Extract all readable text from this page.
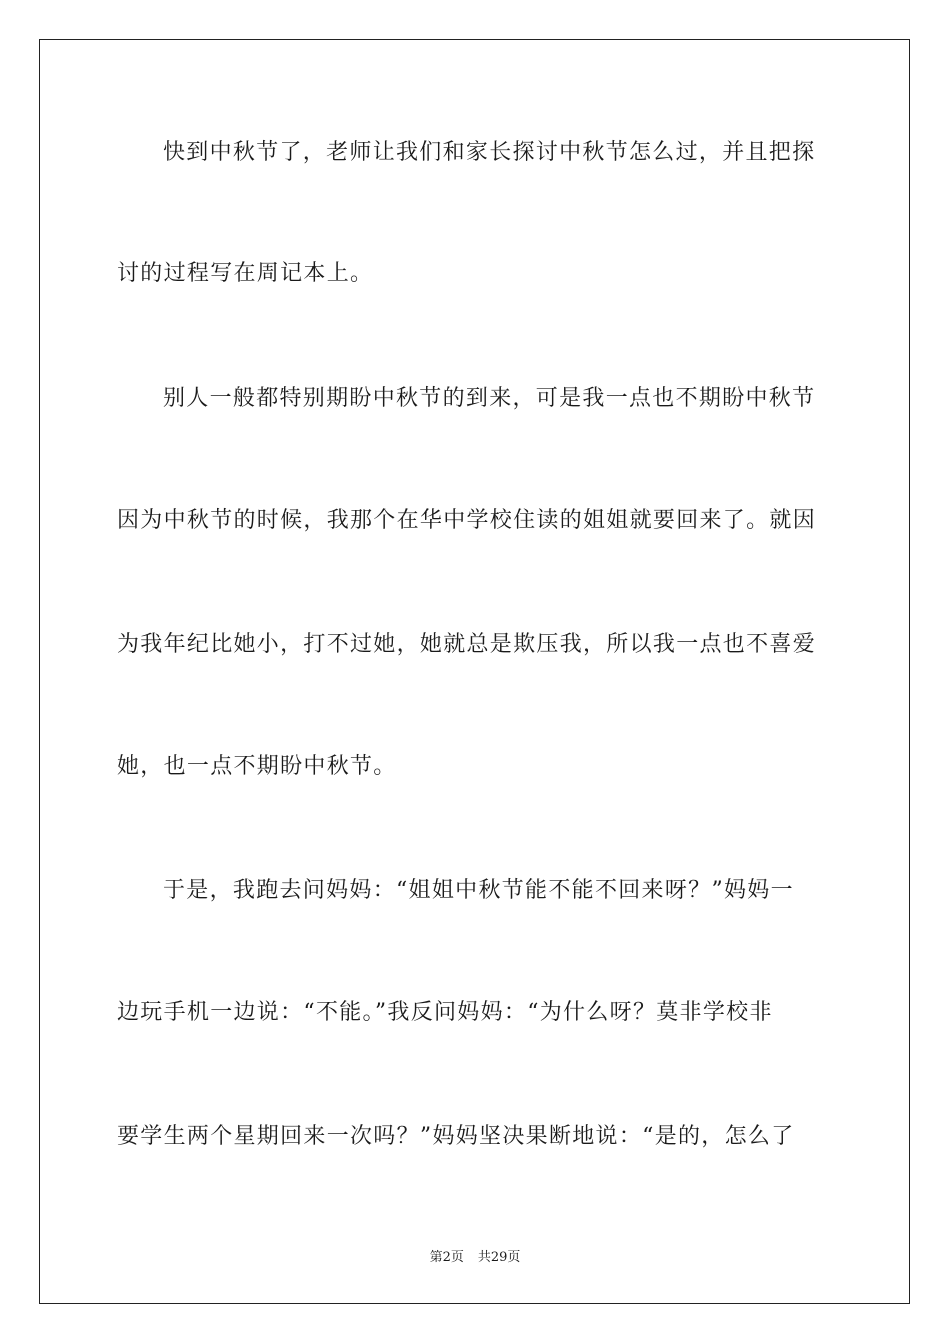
快到中秋节了，老师让我们和家长探讨中秋节怎么过，并且把探
讨的过程写在周记本上。
别人一般都特别期盼中秋节的到来，可是我一点也不期盼中秋节
因为中秋节的时候，我那个在华中学校住读的姐姐就要回来了。就因
为我年纪比她小，打不过她，她就总是欺压我，所以我一点也不喜爱
她，也一点不期盼中秋节。
于是，我跑去问妈妈：“姐姐中秋节能不能不回来呀？”妈妈一
边玩手机一边说：“不能。”我反问妈妈：“为什么呀？莫非学校非
要学生两个星期回来一次吗？”妈妈坚决果断地说：“是的，怎么了
第2页 共29页
